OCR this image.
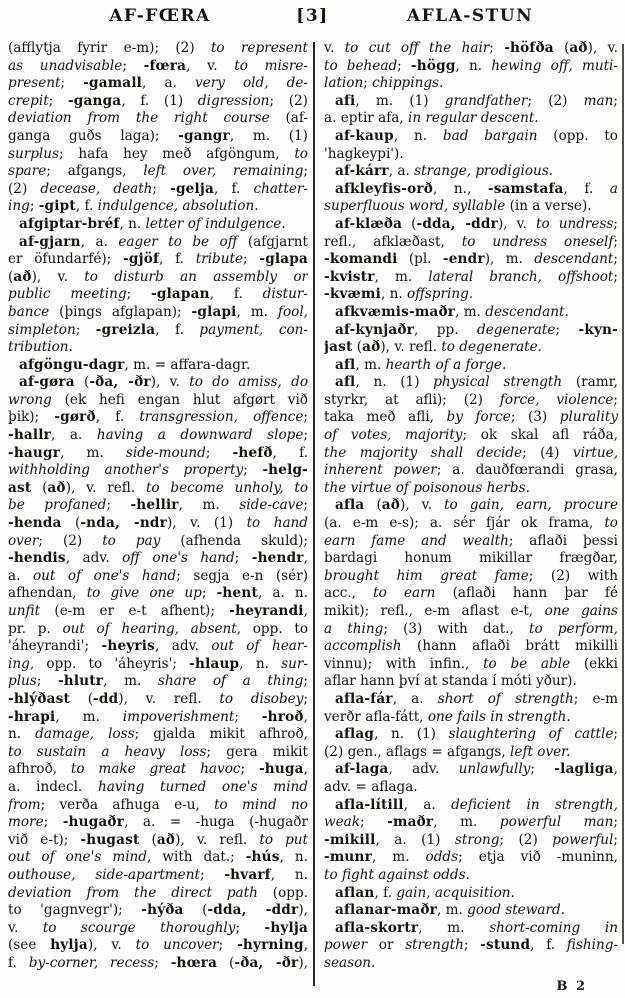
AF-FŒRA	[3]	AFLA-STUN
(afflytja fyrir e-m); (2) to represent
as unadvisable; -fœra, v. to misre-
present; -gamall, a. very old, de-
crepit; -ganga, f. (1) digression; (2)
deviation from the right course (af-
ganga guðs laga); -gangr, m. (1)
surplus; hafa hey með afgöngum, to
spare; afgangs, left over, remaining;
(2) decease, death; -gelja, f. chatter-
ing; -gipt, f. indulgence, absolution.
afgiptar-bréf, n. letter of indulgence.
af-gjarn, a. eager to be off (afgjarnt
er öfundarfé); -gjöf, f. tribute; -glapa
(að), v. to disturb an assembly or
public meeting; -glapan, f. distur-
bance (þings afglapan); -glapi, m. fool,
simpleton; -greizla, f. payment, con-
tribution.
afgöngu-dagr, m. = affara-dagr.
af-gøra (-ða, -ðr), v. to do amiss, do
wrong (ek hefi engan hlut afgørt við
þik); -gørð, f. transgression, offence;
-hallr, a. having a downward slope;
-haugr, m. side-mound; -hefð, f.
withholding another's property; -helg-
ast (að), v. refl. to become unholy, to
be profaned; -hellir, m. side-cave;
-henda (-nda, -ndr), v. (1) to hand
over; (2) to pay (afhenda skuld);
-hendis, adv. off one's hand; -hendr,
a. out of one's hand; segja e-n (sér)
afhendan, to give one up; -hent, a. n.
unfit (e-m er e-t afhent); -heyrandi,
pr. p. out of hearing, absent, opp. to
'áheyrandi'; -heyris, adv. out of hear-
ing, opp. to 'áheyris'; -hlaup, n. sur-
plus; -hlutr, m. share of a thing;
-hlýðast (-dd), v. refl. to disobey;
-hrapi, m. impoverishment; -hroð,
n. damage, loss; gjalda mikit afhroð,
to sustain a heavy loss; gera mikit
afhroð, to make great havoc; -huga,
a. indecl. having turned one's mind
from; verða afhuga e-u, to mind no
more; -hugaðr, a. = -huga (-hugaðr
við e-t); -hugast (að), v. refl. to put
out of one's mind, with dat.; -hús, n.
outhouse, side-apartment; -hvarf, n.
deviation from the direct path (opp.
to 'gagnvegr'); -hýða (-dda, -ddr),
v. to scourge thoroughly; -hylja
(see hylja), v. to uncover; -hyrning,
f. by-corner, recess; -hœra (-ða, -ðr),
v. to cut off the hair; -höfða (að), v.
to behead; -högg, n. hewing off, muti-
lation; chippings.
afi, m. (1) grandfather; (2) man;
a. eptir afa, in regular descent.
af-kaup, n. bad bargain (opp. to
'hagkeypi').
af-kárr, a. strange, prodigious.
afkleyfis-orð, n., -samstafa, f. a
superfluous word, syllable (in a verse).
af-klæða (-dda, -ddr), v. to undress;
refl., afklæðast, to undress oneself;
-komandi (pl. -endr), m. descendant;
-kvistr, m. lateral branch, offshoot;
-kvæmi, n. offspring.
afkvæmis-maðr, m. descendant.
af-kynjaðr, pp. degenerate; -kyn-
jast (að), v. refl. to degenerate.
afl, m. hearth of a forge.
afl, n. (1) physical strength (ramr,
styrkr, at afli); (2) force, violence;
taka með afli, by force; (3) plurality
of votes, majority; ok skal afl ráða,
the majority shall decide; (4) virtue,
inherent power; a. dauðfœrandi grasa,
the virtue of poisonous herbs.
afla (að), v. to gain, earn, procure
(a. e-m e-s); a. sér fjár ok frama, to
earn fame and wealth; aflaði þessi
bardagi honum mikillar frægðar,
brought him great fame; (2) with
acc., to earn (aflaði hann þar fé
mikit); refl., e-m aflast e-t, one gains
a thing; (3) with dat., to perform,
accomplish (hann aflaði brátt mikilli
vinnu); with infin., to be able (ekki
aflar hann því at standa í móti yður).
afla-fár, a. short of strength; e-m
verðr afla-fátt, one fails in strength.
aflag, n. (1) slaughtering of cattle;
(2) gen., aflags = afgangs, left over.
af-laga, adv. unlawfully; -lagliga,
adv. = aflaga.
afla-lítill, a. deficient in strength,
weak; -maðr, m. powerful man;
-mikill, a. (1) strong; (2) powerful;
-munr, m. odds; etja við -muninn,
to fight against odds.
aflan, f. gain, acquisition.
aflanar-maðr, m. good steward.
afla-skortr, m. short-coming in
power or strength; -stund, f. fishing-
season.
B 2
